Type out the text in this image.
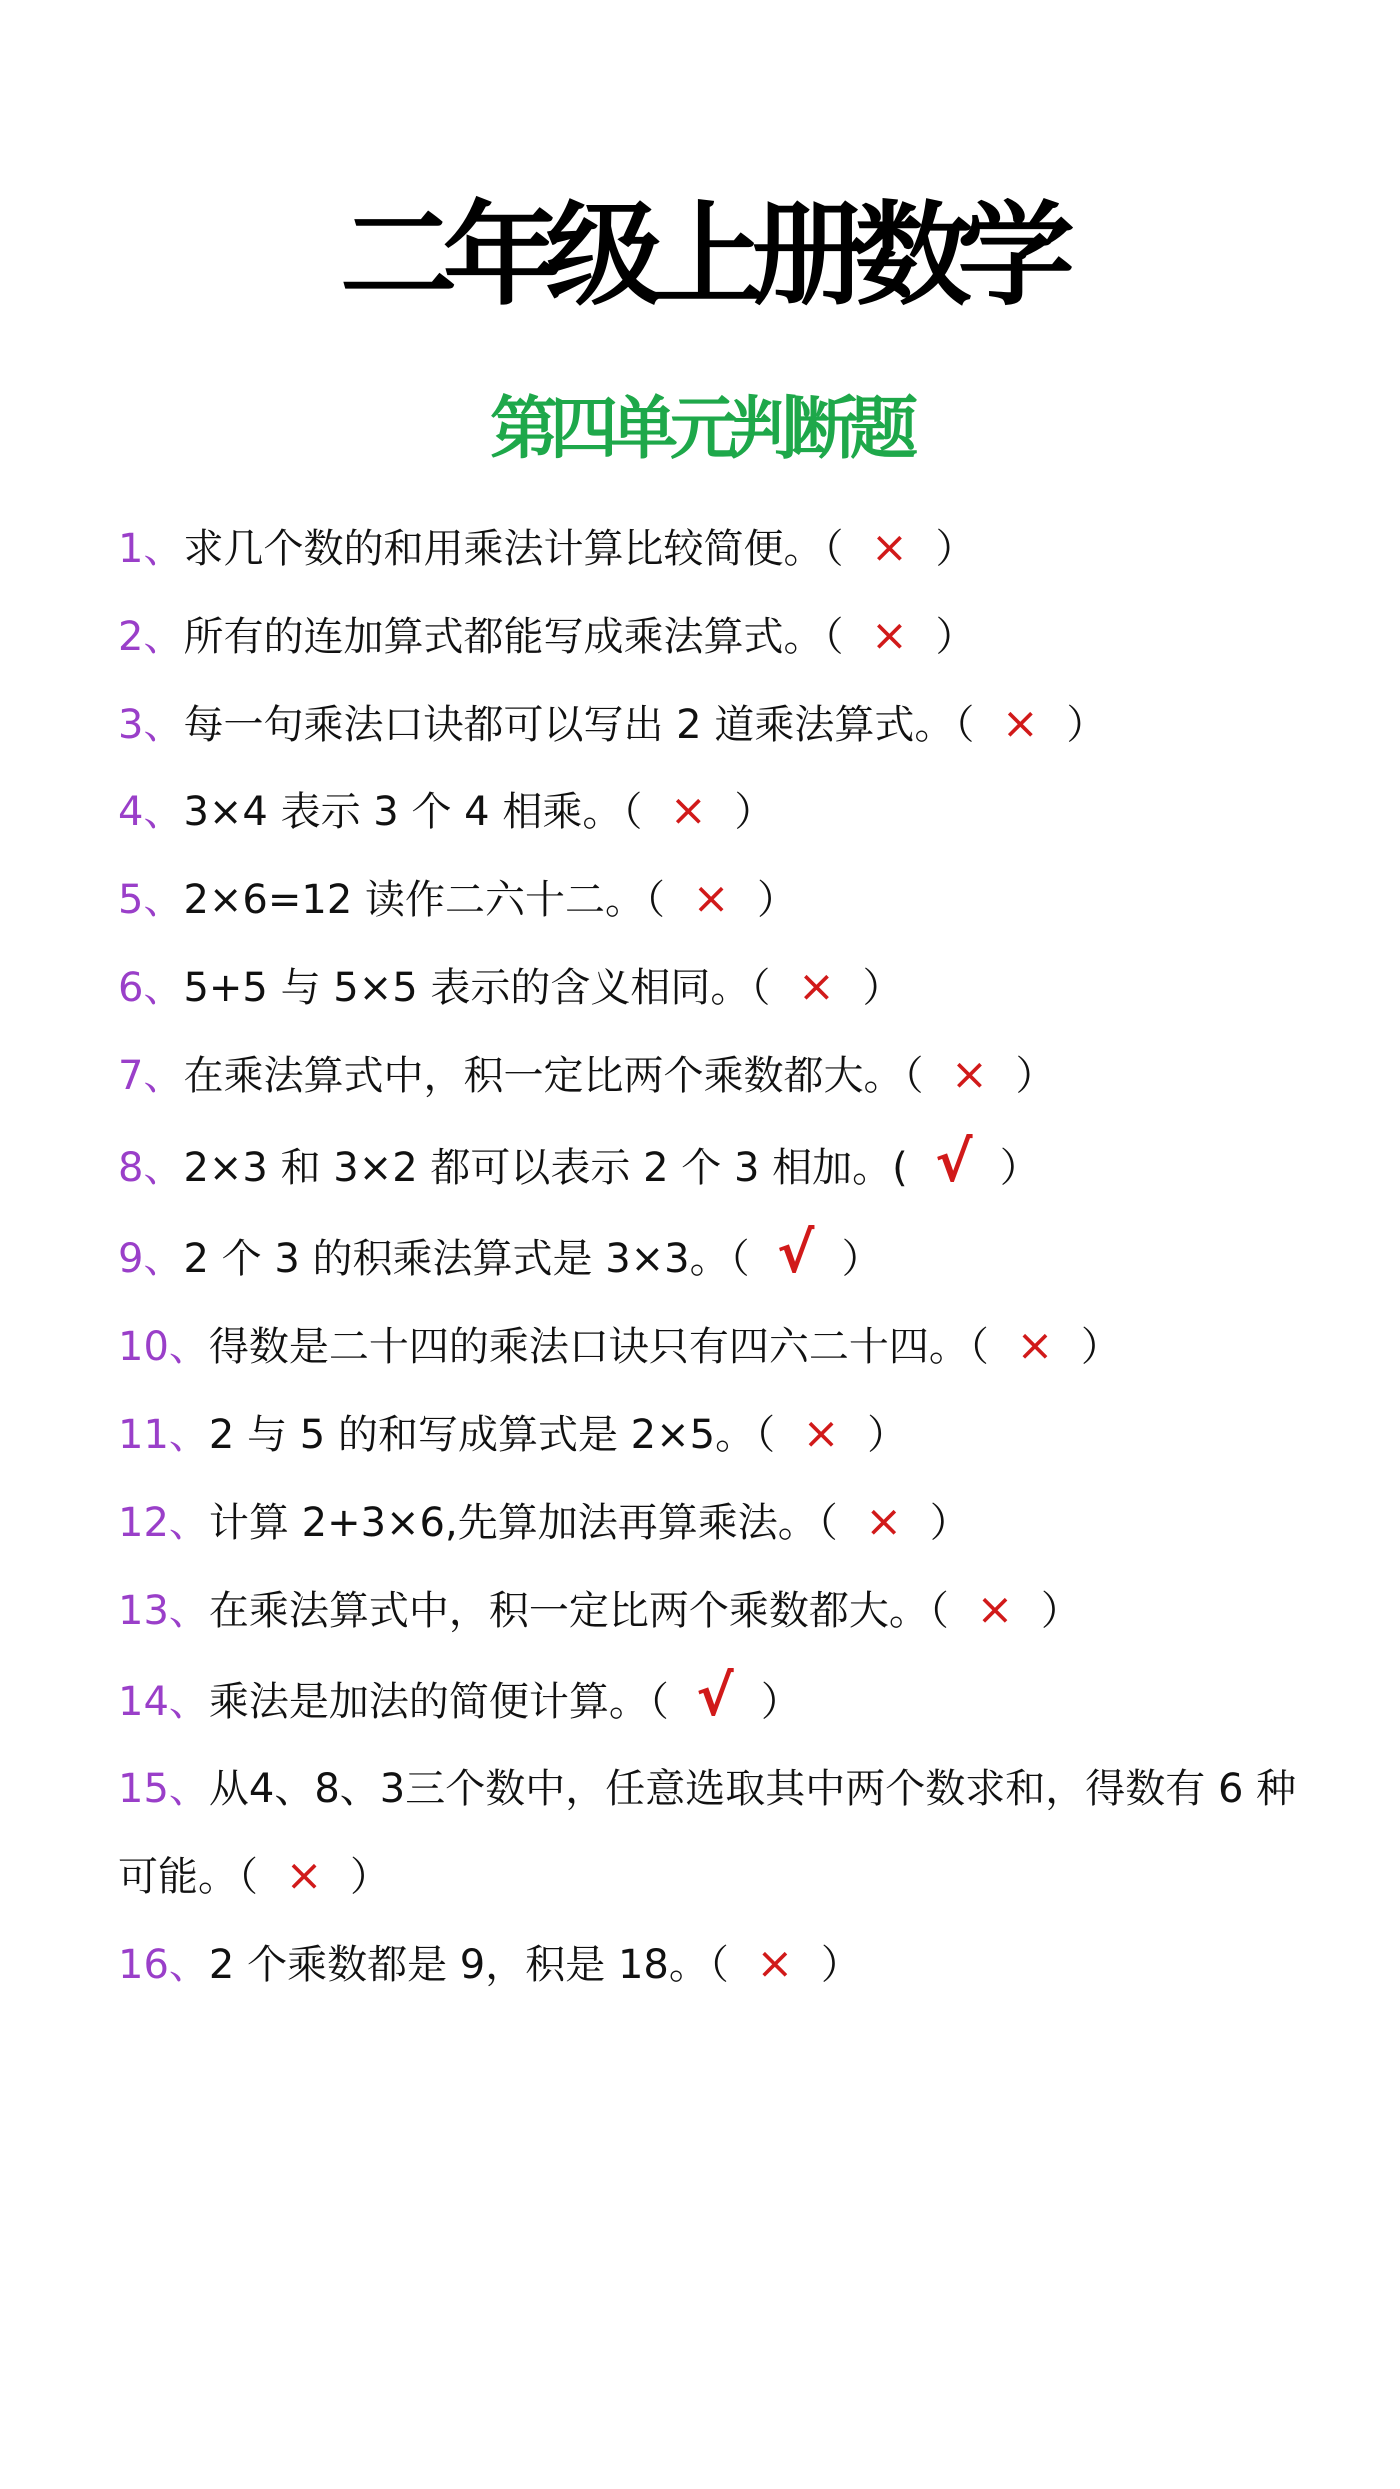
二年级上册数学
第四单元判断题
1、求几个数的和用乘法计算比较简便。（ × ）
2、所有的连加算式都能写成乘法算式。（ × ）
3、每一句乘法口诀都可以写出 2 道乘法算式。（ × ）
4、3×4 表示 3 个 4 相乘。（ × ）
5、2×6=12 读作二六十二。（ × ）
6、5+5 与 5×5 表示的含义相同。（ × ）
7、在乘法算式中，积一定比两个乘数都大。（ × ）
8、2×3 和 3×2 都可以表示 2 个 3 相加。( √ ）
9、2 个 3 的积乘法算式是 3×3。（ √ ）
10、得数是二十四的乘法口诀只有四六二十四。（ × ）
11、2 与 5 的和写成算式是 2×5。（ × ）
12、计算 2+3×6,先算加法再算乘法。（ × ）
13、在乘法算式中，积一定比两个乘数都大。（ × ）
14、乘法是加法的简便计算。（ √ ）
15、从4、8、3三个数中，任意选取其中两个数求和，得数有 6 种可能。（ × ）
16、2 个乘数都是 9，积是 18。（ × ）
